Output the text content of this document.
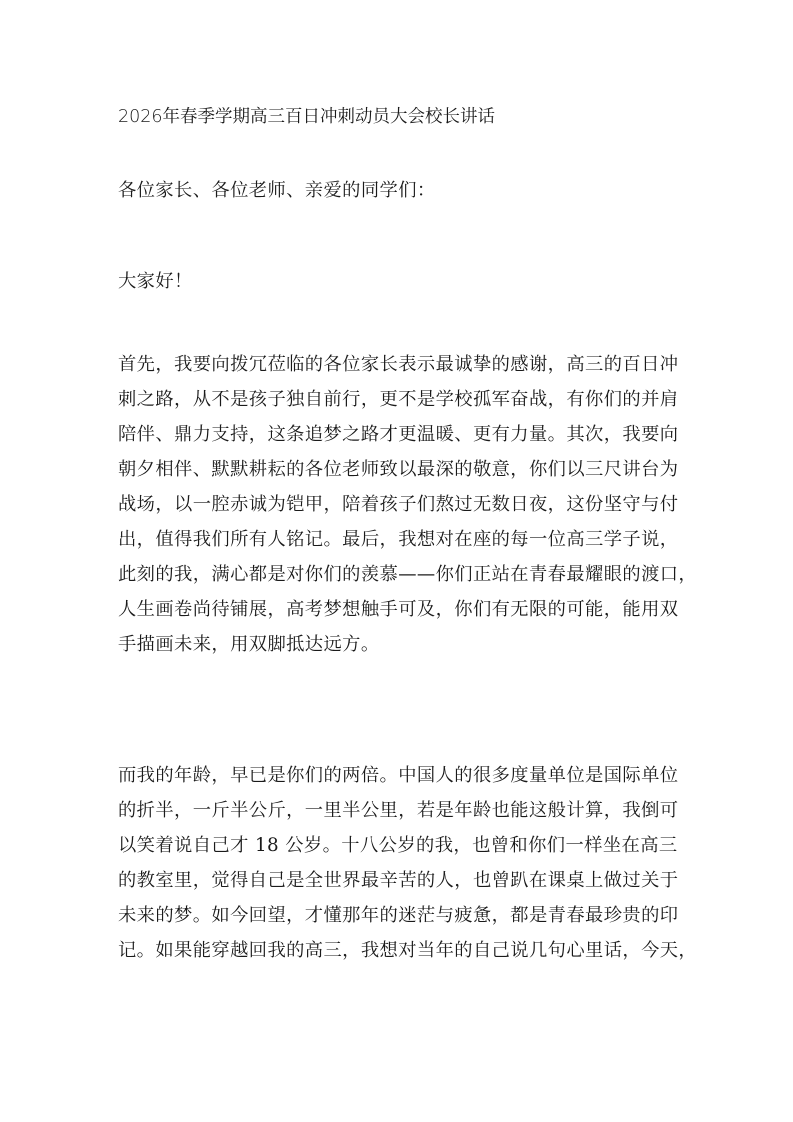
2026年春季学期高三百日冲刺动员大会校长讲话
各位家长、各位老师、亲爱的同学们：
大家好！
首先，我要向拨冗莅临的各位家长表示最诚挚的感谢，高三的百日冲
刺之路，从不是孩子独自前行，更不是学校孤军奋战，有你们的并肩
陪伴、鼎力支持，这条追梦之路才更温暖、更有力量。其次，我要向
朝夕相伴、默默耕耘的各位老师致以最深的敬意，你们以三尺讲台为
战场，以一腔赤诚为铠甲，陪着孩子们熬过无数日夜，这份坚守与付
出，值得我们所有人铭记。最后，我想对在座的每一位高三学子说，
此刻的我，满心都是对你们的羡慕——你们正站在青春最耀眼的渡口，
人生画卷尚待铺展，高考梦想触手可及，你们有无限的可能，能用双
手描画未来，用双脚抵达远方。
而我的年龄，早已是你们的两倍。中国人的很多度量单位是国际单位
的折半，一斤半公斤，一里半公里，若是年龄也能这般计算，我倒可
以笑着说自己才 18 公岁。十八公岁的我，也曾和你们一样坐在高三
的教室里，觉得自己是全世界最辛苦的人，也曾趴在课桌上做过关于
未来的梦。如今回望，才懂那年的迷茫与疲惫，都是青春最珍贵的印
记。如果能穿越回我的高三，我想对当年的自己说几句心里话，今天，
